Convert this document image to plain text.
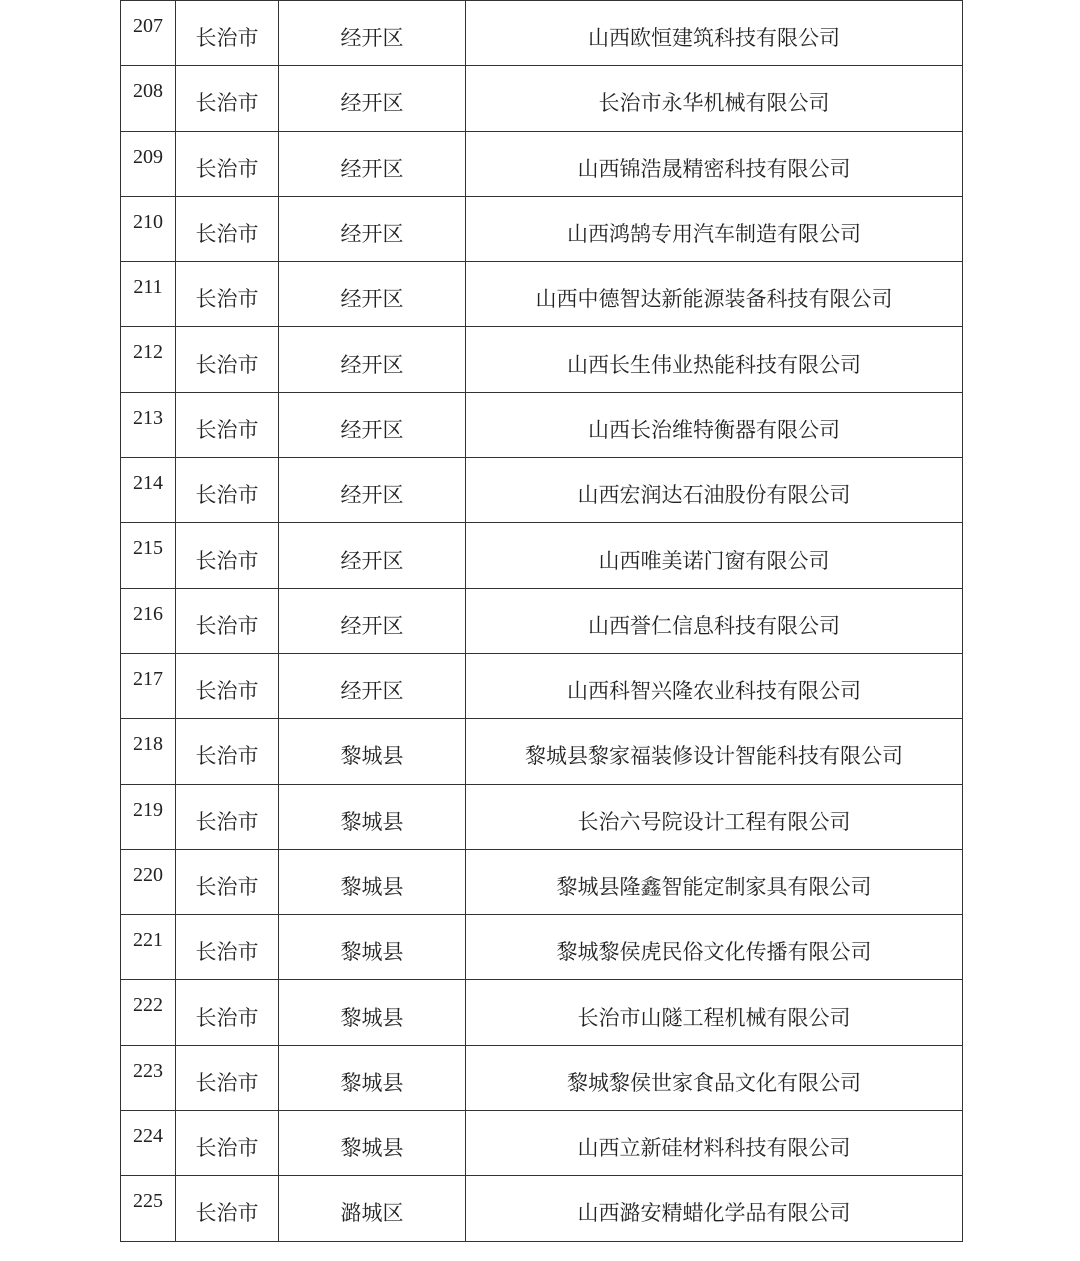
207	长治市	经开区	山西欧恒建筑科技有限公司
208	长治市	经开区	长治市永华机械有限公司
209	长治市	经开区	山西锦浩晟精密科技有限公司
210	长治市	经开区	山西鸿鹄专用汽车制造有限公司
211	长治市	经开区	山西中德智达新能源装备科技有限公司
212	长治市	经开区	山西长生伟业热能科技有限公司
213	长治市	经开区	山西长治维特衡器有限公司
214	长治市	经开区	山西宏润达石油股份有限公司
215	长治市	经开区	山西唯美诺门窗有限公司
216	长治市	经开区	山西誉仁信息科技有限公司
217	长治市	经开区	山西科智兴隆农业科技有限公司
218	长治市	黎城县	黎城县黎家福装修设计智能科技有限公司
219	长治市	黎城县	长治六号院设计工程有限公司
220	长治市	黎城县	黎城县隆鑫智能定制家具有限公司
221	长治市	黎城县	黎城黎侯虎民俗文化传播有限公司
222	长治市	黎城县	长治市山隧工程机械有限公司
223	长治市	黎城县	黎城黎侯世家食品文化有限公司
224	长治市	黎城县	山西立新硅材料科技有限公司
225	长治市	潞城区	山西潞安精蜡化学品有限公司
